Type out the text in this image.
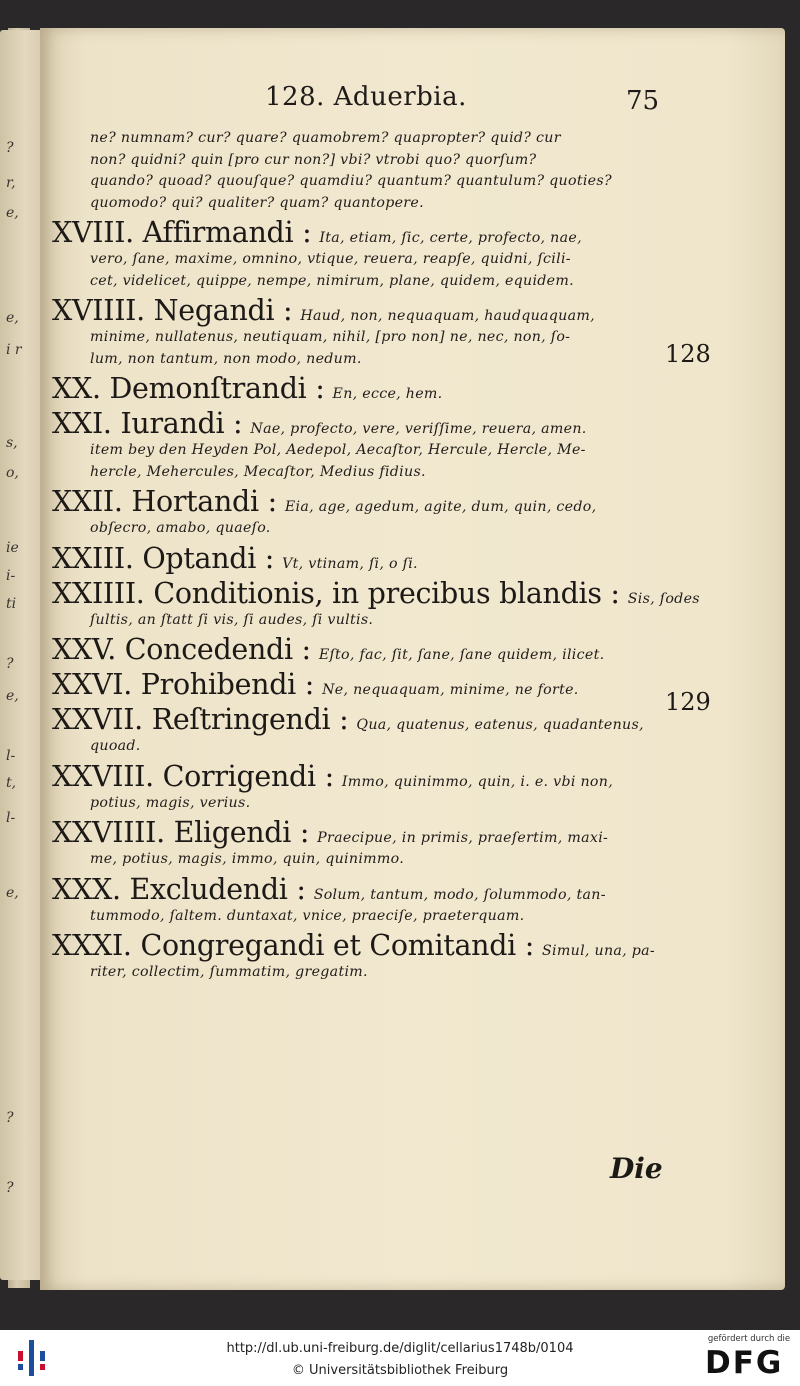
?
r,
e,
e,
i r
s,
o,
ie
i-
ti
?
e,
l-
t,
l-
e,
?
?
128. Aduerbia.	75
ne? numnam? cur? quare? quamobrem? quapropter? quid? cur
non? quidni? quin [pro cur non?] vbi? vtrobi quo? quorſum?
quando? quoad? quouſque? quamdiu? quantum? quantulum? quoties?
quomodo? qui? qualiter? quam? quantopere.
XVIII. Affirmandi : Ita, etiam, ſic, certe, profecto, nae,
vero, ſane, maxime, omnino, vtique, reuera, reapſe, quidni, ſcili-
cet, videlicet, quippe, nempe, nimirum, plane, quidem, equidem.
XVIIII. Negandi : Haud, non, nequaquam, haudquaquam,
minime, nullatenus, neutiquam, nihil, [pro non] ne, nec, non, ſo-
lum, non tantum, non modo, nedum.
XX. Demonſtrandi : En, ecce, hem.
XXI. Iurandi : Nae, profecto, vere, veriſſime, reuera, amen.
item bey den Heyden Pol, Aedepol, Aecaſtor, Hercule, Hercle, Me-
hercle, Mehercules, Mecaſtor, Medius fidius.
XXII. Hortandi : Eia, age, agedum, agite, dum, quin, cedo,
obſecro, amabo, quaeſo.
XXIII. Optandi : Vt, vtinam, ſi, o ſi.
XXIIII. Conditionis, in precibus blandis : Sis, ſodes
ſultis, an ſtatt ſi vis, ſi audes, ſi vultis.
XXV. Concedendi : Eſto, fac, ſit, ſane, ſane quidem, ilicet.
XXVI. Prohibendi : Ne, nequaquam, minime, ne forte.
XXVII. Reſtringendi : Qua, quatenus, eatenus, quadantenus,
quoad.
XXVIII. Corrigendi : Immo, quinimmo, quin, i. e. vbi non,
potius, magis, verius.
XXVIIII. Eligendi : Praecipue, in primis, praeſertim, maxi-
me, potius, magis, immo, quin, quinimmo.
XXX. Excludendi : Solum, tantum, modo, ſolummodo, tan-
tummodo, ſaltem. duntaxat, vnice, praeciſe, praeterquam.
XXXI. Congregandi et Comitandi : Simul, una, pa-
riter, collectim, ſummatim, gregatim.
128
129
Die
http://dl.ub.uni-freiburg.de/diglit/cellarius1748b/0104
© Universitätsbibliothek Freiburg
gefördert durch die
DFG
